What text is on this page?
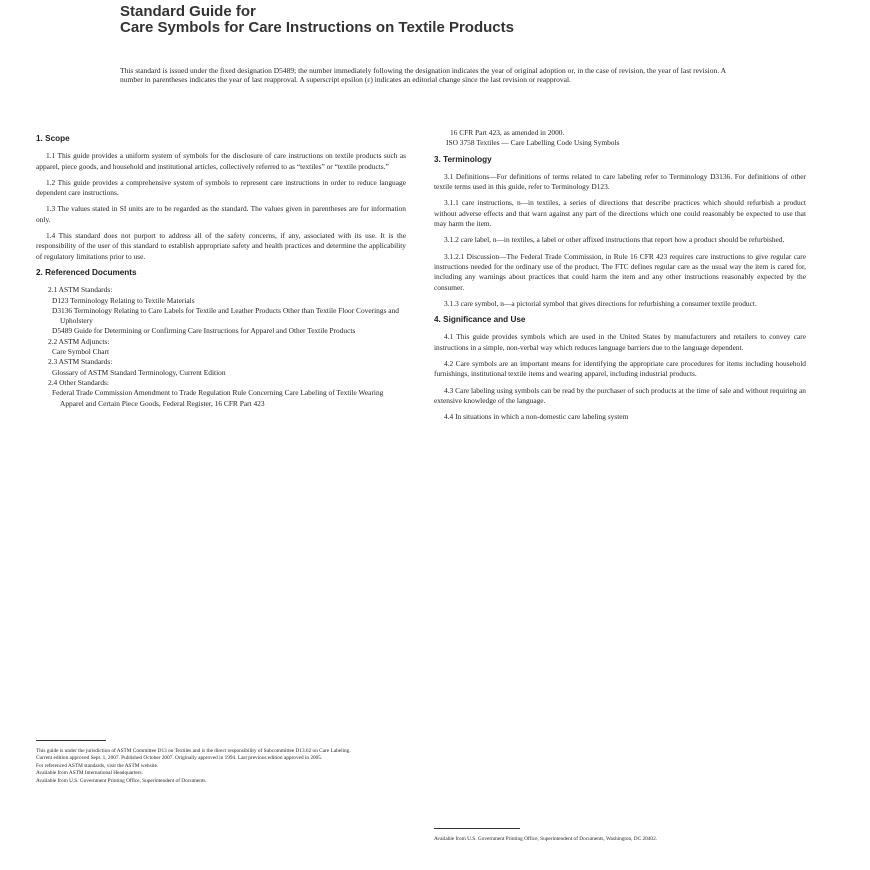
Standard Guide for
Care Symbols for Care Instructions on Textile Products
This standard is issued under the fixed designation D5489; the number immediately following the designation indicates the year of original adoption or, in the case of revision, the year of last revision. A number in parentheses indicates the year of last reapproval. A superscript epsilon (ε) indicates an editorial change since the last revision or reapproval.
1. Scope

1.1 This guide provides a uniform system of symbols for the disclosure of care instructions on textile products such as apparel, piece goods, and household and institutional articles, collectively referred to as “textiles” or “textile products.”

1.2 This guide provides a comprehensive system of symbols to represent care instructions in order to reduce language dependent care instructions.

1.3 The values stated in SI units are to be regarded as the standard. The values given in parentheses are for information only.

1.4 This standard does not purport to address all of the safety concerns, if any, associated with its use. It is the responsibility of the user of this standard to establish appropriate safety and health practices and determine the applicability of regulatory limitations prior to use.

2. Referenced Documents
2.1 ASTM Standards:
D123 Terminology Relating to Textile Materials
D3136 Terminology Relating to Care Labels for Textile and Leather Products Other than Textile Floor Coverings and Upholstery
D5489 Guide for Determining or Confirming Care Instructions for Apparel and Other Textile Products
2.2 ASTM Adjuncts:
Care Symbol Chart
2.3 ASTM Standards:
Glossary of ASTM Standard Terminology, Current Edition
2.4 Other Standards:
Federal Trade Commission Amendment to Trade Regulation Rule Concerning Care Labeling of Textile Wearing Apparel and Certain Piece Goods, Federal Register, 16 CFR Part 423
This guide is under the jurisdiction of ASTM Committee D13 on Textiles and is the direct responsibility of Subcommittee D13.62 on Care Labeling.
Current edition approved Sept. 1, 2007. Published October 2007. Originally approved in 1994. Last previous edition approved in 2005.
For referenced ASTM standards, visit the ASTM website.
Available from ASTM International Headquarters.
Available from U.S. Government Printing Office, Superintendent of Documents.
16 CFR Part 423, as amended in 2000.
ISO 3758 Textiles — Care Labelling Code Using Symbols
3. Terminology

3.1 Definitions—For definitions of terms related to care labeling refer to Terminology D3136. For definitions of other textile terms used in this guide, refer to Terminology D123.

3.1.1 care instructions, n—in textiles, a series of directions that describe practices which should refurbish a product without adverse effects and that warn against any part of the directions which one could reasonably be expected to use that may harm the item.

3.1.2 care label, n—in textiles, a label or other affixed instructions that report how a product should be refurbished.

3.1.2.1 Discussion—The Federal Trade Commission, in Rule 16 CFR 423 requires care instructions to give regular care instructions needed for the ordinary use of the product. The FTC defines regular care as the usual way the item is cared for, including any warnings about practices that could harm the item and any other instructions reasonably expected by the consumer.

3.1.3 care symbol, n—a pictorial symbol that gives directions for refurbishing a consumer textile product.

4. Significance and Use

4.1 This guide provides symbols which are used in the United States by manufacturers and retailers to convey care instructions in a simple, non-verbal way which reduces language barriers due to the language dependent.

4.2 Care symbols are an important means for identifying the appropriate care procedures for items including household furnishings, institutional textile items and wearing apparel, including industrial products.

4.3 Care labeling using symbols can be read by the purchaser of such products at the time of sale and without requiring an extensive knowledge of the language.

4.4 In situations in which a non-domestic care labeling system

Available from U.S. Government Printing Office, Superintendent of Documents, Washington, DC 20402.
